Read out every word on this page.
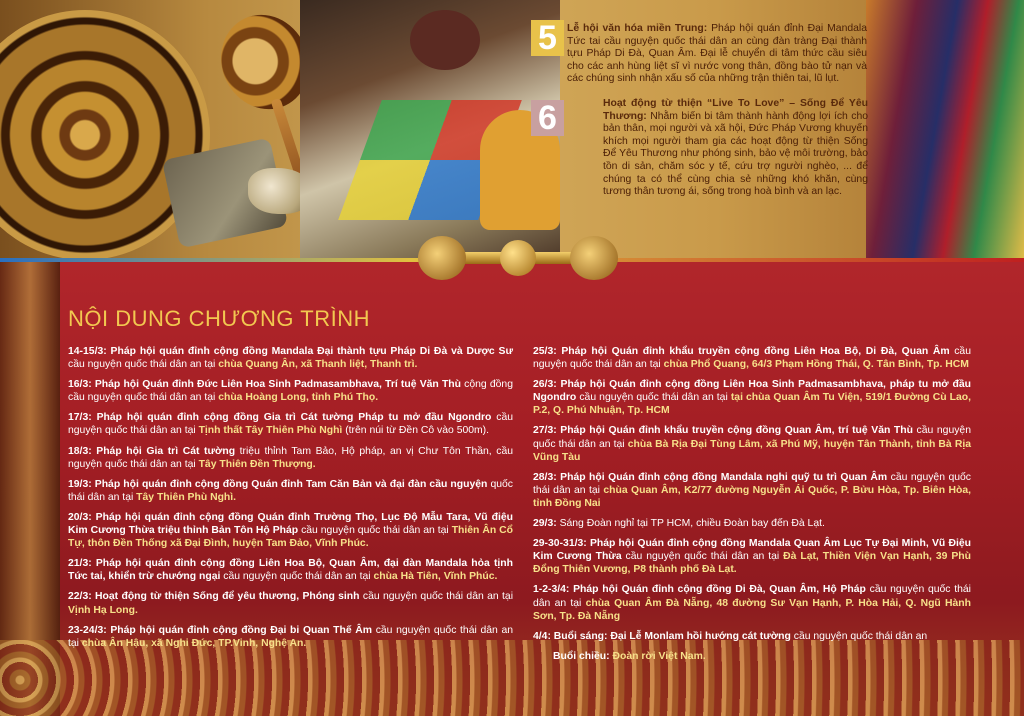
5 Lễ hội văn hóa miền Trung: Pháp hội quán đỉnh Đại Mandala Tức tai cầu nguyện quốc thái dân an cùng đàn tràng Đại thành tựu Pháp Di Đà, Quan Âm. Đại lễ chuyển di tâm thức cầu siêu cho các anh hùng liệt sĩ vì nước vong thân, đồng bào tử nạn và các chúng sinh nhận xấu số của những trận thiên tai, lũ lụt.
6	Hoạt động từ thiện “Live To Love” – Sống Để Yêu Thương: Nhằm biến bi tâm thành hành động lợi ích cho bản thân, mọi người và xã hội, Đức Pháp Vương khuyến khích mọi người tham gia các hoạt động từ thiện Sống Để Yêu Thương như phóng sinh, bảo vệ môi trường, bảo tồn di sản, chăm sóc y tế, cứu trợ người nghèo, ... để chúng ta có thể cùng chia sẻ những khó khăn, cùng tương thân tương ái, sống trong hoà bình và an lạc.
NỘI DUNG CHƯƠNG TRÌNH
14-15/3: Pháp hội quán đỉnh cộng đồng Mandala Đại thành tựu Pháp Di Đà và Dược Sư cầu nguyện quốc thái dân an tại chùa Quang Ân, xã Thanh liệt, Thanh trì.
16/3: Pháp hội Quán đỉnh Đức Liên Hoa Sinh Padmasambhava, Trí tuệ Văn Thù cộng đồng cầu nguyện quốc thái dân an tại chùa Hoàng Long, tỉnh Phú Thọ.
17/3: Pháp hội quán đỉnh cộng đồng Gia trì Cát tường Pháp tu mở đầu Ngondro cầu nguyện quốc thái dân an tại Tịnh thất Tây Thiên Phù Nghì (trên núi từ Đền Cô vào 500m).
18/3: Pháp hội Gia trì Cát tường triệu thỉnh Tam Bảo, Hộ pháp, an vị Chư Tôn Thần, cầu nguyện quốc thái dân an tại Tây Thiên Đền Thượng.
19/3: Pháp hội quán đỉnh cộng đồng Quán đỉnh Tam Căn Bản và đại đàn cầu nguyện quốc thái dân an tại Tây Thiên Phù Nghì.
20/3: Pháp hội quán đỉnh cộng đồng Quán đỉnh Trường Thọ, Lục Độ Mẫu Tara, Vũ điệu Kim Cương Thừa triệu thỉnh Bản Tôn Hộ Pháp cầu nguyện quốc thái dân an tại Thiên Ân Cổ Tự, thôn Đền Thống xã Đại Đình, huyện Tam Đảo, Vĩnh Phúc.
21/3: Pháp hội quán đỉnh cộng đồng Liên Hoa Bộ, Quan Âm, đại đàn Mandala hỏa tịnh Tức tai, khiển trừ chướng ngại cầu nguyện quốc thái dân an tại chùa Hà Tiên, Vĩnh Phúc.
22/3: Hoạt động từ thiện Sống để yêu thương, Phóng sinh cầu nguyện quốc thái dân an tại Vịnh Hạ Long.
23-24/3: Pháp hội quán đỉnh cộng đồng Đại bi Quan Thế Âm cầu nguyện quốc thái dân an tại chùa Ân Hậu, xã Nghi Đức, TP.Vinh, Nghệ An.
25/3: Pháp hội Quán đỉnh khẩu truyền cộng đồng Liên Hoa Bộ, Di Đà, Quan Âm cầu nguyện quốc thái dân an tại chùa Phổ Quang, 64/3 Phạm Hồng Thái, Q. Tân Bình, Tp. HCM
26/3: Pháp hội Quán đỉnh cộng đồng Liên Hoa Sinh Padmasambhava, pháp tu mở đầu Ngondro cầu nguyện quốc thái dân an tại tại chùa Quan Âm Tu Viện, 519/1 Đường Cù Lao, P.2, Q. Phú Nhuận, Tp. HCM
27/3: Pháp hội Quán đỉnh khẩu truyền cộng đồng Quan Âm, trí tuệ Văn Thù cầu nguyện quốc thái dân an tại chùa Bà Rịa Đại Tùng Lâm, xã Phú Mỹ, huyện Tân Thành, tỉnh Bà Rịa Vũng Tàu
28/3: Pháp hội Quán đỉnh cộng đồng Mandala nghi quỹ tu trì Quan Âm cầu nguyện quốc thái dân an tại chùa Quan Âm, K2/77 đường Nguyễn Ái Quốc, P. Bửu Hòa, Tp. Biên Hòa, tỉnh Đồng Nai
29/3: Sáng Đoàn nghỉ tại TP HCM, chiều Đoàn bay đến Đà Lạt.
29-30-31/3: Pháp hội Quán đỉnh cộng đồng Mandala Quan Âm Lục Tự Đại Minh, Vũ Điệu Kim Cương Thừa cầu nguyện quốc thái dân an tại Đà Lạt, Thiền Viện Vạn Hạnh, 39 Phù Đổng Thiên Vương, P8 thành phố Đà Lạt.
1-2-3/4: Pháp hội Quán đỉnh cộng đồng Di Đà, Quan Âm, Hộ Pháp cầu nguyện quốc thái dân an tại chùa Quan Âm Đà Nẵng, 48 đường Sư Vạn Hạnh, P. Hòa Hải, Q. Ngũ Hành Sơn, Tp. Đà Nẵng
4/4: Buổi sáng: Đại Lễ Monlam hồi hướng cát tường cầu nguyện quốc thái dân an
Buổi chiều: Đoàn rời Việt Nam.
